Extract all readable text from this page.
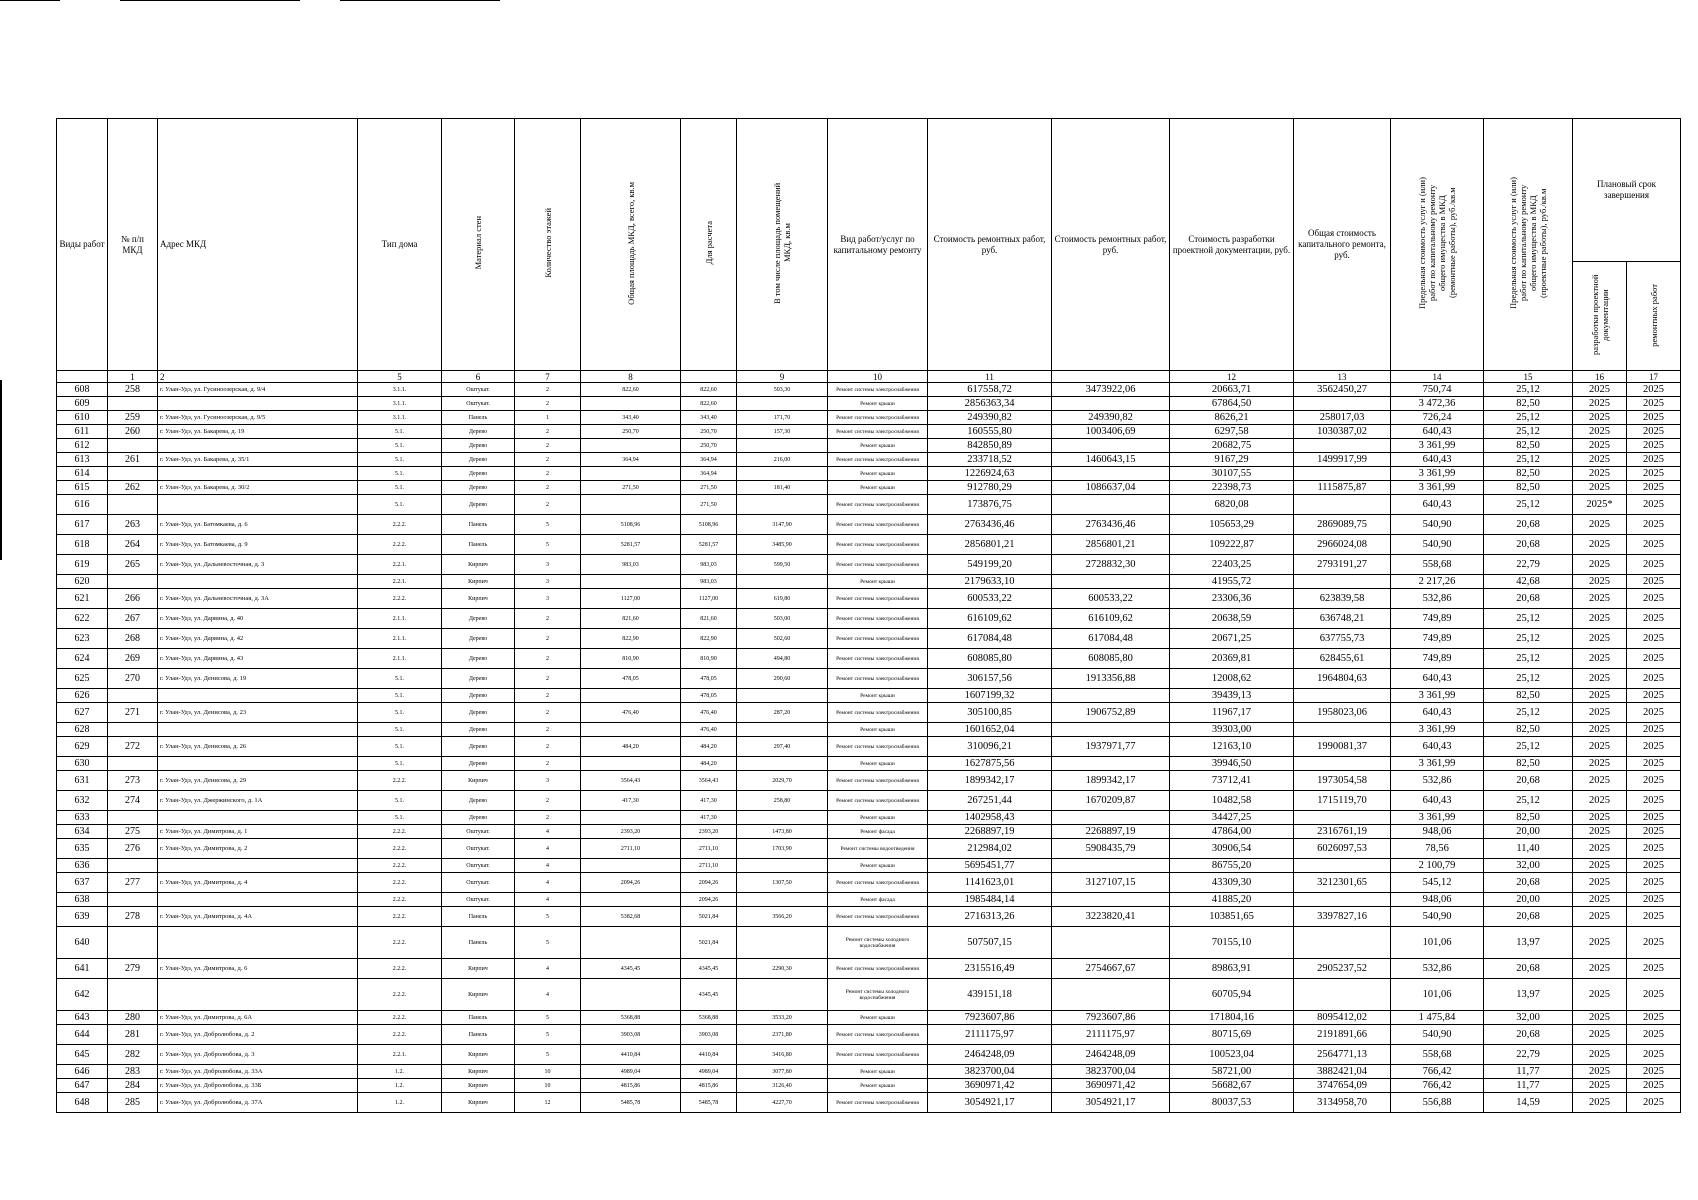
Виды работ	№ п/п МКД	Адрес МКД	Тип дома	Материал стен	Количество этажей	Общая площадь МКД, всего, кв.м	Для расчета	В том числе площадь помещений МКД, кв.м	Вид работ/услуг по капитальному ремонту	Стоимость ремонтных работ, руб.	Стоимость ремонтных работ, руб.	Стоимость разработки проектной документации, руб.	Общая стоимость капитального ремонта, руб.	Предельная стоимость услуг и (или) работ по капитальному ремонту общего имущества в МКД (ремонтные работы), руб./кв.м	Предельная стоимость услуг и (или) работ по капитальному ремонту общего имущества в МКД (проектные работы), руб./кв.м	Плановый срок завершения	
																разработки проектной документации	ремонтных работ
	1	2	5	6	7	8		9	10	11		12	13	14	15	16	17
608	258	г. Улан-Удэ, ул. Гусиноозерская, д. 9/4	3.1.1.	Оштукат.	2	822,60	822,60	503,30	Ремонт системы электроснабжения	617558,72	3473922,06	20663,71	3562450,27	750,74	25,12	2025	2025
609			3.1.1.	Оштукат.	2		822,60		Ремонт крыши	2856363,34		67864,50		3 472,36	82,50	2025	2025
610	259	г. Улан-Удэ, ул. Гусиноозерская, д. 9/5	3.1.1.	Панель	1	343,40	343,40	171,70	Ремонт системы электроснабжения	249390,82	249390,82	8626,21	258017,03	726,24	25,12	2025	2025
611	260	г. Улан-Удэ, ул. Бакарева, д. 19	5.1.	Дерево	2	250,70	250,70	157,30	Ремонт системы электроснабжения	160555,80	1003406,69	6297,58	1030387,02	640,43	25,12	2025	2025
612			5.1.	Дерево	2		250,70		Ремонт крыши	842850,89		20682,75		3 361,99	82,50	2025	2025
613	261	г. Улан-Удэ, ул. Бакарева, д. 35/1	5.1.	Дерево	2	364,94	364,94	216,00	Ремонт системы электроснабжения	233718,52	1460643,15	9167,29	1499917,99	640,43	25,12	2025	2025
614			5.1.	Дерево	2		364,94		Ремонт крыши	1226924,63		30107,55		3 361,99	82,50	2025	2025
615	262	г. Улан-Удэ, ул. Бакарева, д. 30/2	5.1.	Дерево	2	271,50	271,50	181,40	Ремонт крыши	912780,29	1086637,04	22398,73	1115875,87	3 361,99	82,50	2025	2025
616			5.1.	Дерево	2		271,50		Ремонт системы электроснабжения	173876,75		6820,08		640,43	25,12	2025*	2025
617	263	г. Улан-Удэ, ул. Батомкаева, д. 6	2.2.2.	Панель	5	5108,96	5108,96	3147,90	Ремонт системы электроснабжения	2763436,46	2763436,46	105653,29	2869089,75	540,90	20,68	2025	2025
618	264	г. Улан-Удэ, ул. Батомкаева, д. 9	2.2.2.	Панель	5	5281,57	5281,57	3485,90	Ремонт системы электроснабжения	2856801,21	2856801,21	109222,87	2966024,08	540,90	20,68	2025	2025
619	265	г. Улан-Удэ, ул. Дальневосточная, д. 3	2.2.1.	Кирпич	3	983,03	983,03	599,50	Ремонт системы электроснабжения	549199,20	2728832,30	22403,25	2793191,27	558,68	22,79	2025	2025
620			2.2.1.	Кирпич	3		983,03		Ремонт крыши	2179633,10		41955,72		2 217,26	42,68	2025	2025
621	266	г. Улан-Удэ, ул. Дальневосточная, д. 3А	2.2.2.	Кирпич	3	1127,00	1127,00	619,80	Ремонт системы электроснабжения	600533,22	600533,22	23306,36	623839,58	532,86	20,68	2025	2025
622	267	г. Улан-Удэ, ул. Дарвина, д. 40	2.1.1.	Дерево	2	821,60	821,60	503,00	Ремонт системы электроснабжения	616109,62	616109,62	20638,59	636748,21	749,89	25,12	2025	2025
623	268	г. Улан-Удэ, ул. Дарвина, д. 42	2.1.1.	Дерево	2	822,90	822,90	502,60	Ремонт системы электроснабжения	617084,48	617084,48	20671,25	637755,73	749,89	25,12	2025	2025
624	269	г. Улан-Удэ, ул. Дарвина, д. 43	2.1.1.	Дерево	2	810,90	810,90	494,80	Ремонт системы электроснабжения	608085,80	608085,80	20369,81	628455,61	749,89	25,12	2025	2025
625	270	г. Улан-Удэ, ул. Денисова, д. 19	5.1.	Дерево	2	478,05	478,05	290,60	Ремонт системы электроснабжения	306157,56	1913356,88	12008,62	1964804,63	640,43	25,12	2025	2025
626			5.1.	Дерево	2		478,05		Ремонт крыши	1607199,32		39439,13		3 361,99	82,50	2025	2025
627	271	г. Улан-Удэ, ул. Денисова, д. 23	5.1.	Дерево	2	476,40	476,40	287,20	Ремонт системы электроснабжения	305100,85	1906752,89	11967,17	1958023,06	640,43	25,12	2025	2025
628			5.1.	Дерево	2		476,40		Ремонт крыши	1601652,04		39303,00		3 361,99	82,50	2025	2025
629	272	г. Улан-Удэ, ул. Денисова, д. 26	5.1.	Дерево	2	484,20	484,20	297,40	Ремонт системы электроснабжения	310096,21	1937971,77	12163,10	1990081,37	640,43	25,12	2025	2025
630			5.1.	Дерево	2		484,20		Ремонт крыши	1627875,56		39946,50		3 361,99	82,50	2025	2025
631	273	г. Улан-Удэ, ул. Денисова, д. 29	2.2.2.	Кирпич	3	3564,43	3564,43	2029,70	Ремонт системы электроснабжения	1899342,17	1899342,17	73712,41	1973054,58	532,86	20,68	2025	2025
632	274	г. Улан-Удэ, ул. Джержинского, д. 1А	5.1.	Дерево	2	417,30	417,30	258,80	Ремонт системы электроснабжения	267251,44	1670209,87	10482,58	1715119,70	640,43	25,12	2025	2025
633			5.1.	Дерево	2		417,30		Ремонт крыши	1402958,43		34427,25		3 361,99	82,50	2025	2025
634	275	г. Улан-Удэ, ул. Димитрова, д. 1	2.2.2.	Оштукат.	4	2393,20	2393,20	1473,80	Ремонт фасада	2268897,19	2268897,19	47864,00	2316761,19	948,06	20,00	2025	2025
635	276	г. Улан-Удэ, ул. Димитрова, д. 2	2.2.2.	Оштукат.	4	2711,10	2711,10	1703,90	Ремонт системы водоотведения	212984,02	5908435,79	30906,54	6026097,53	78,56	11,40	2025	2025
636			2.2.2.	Оштукат.	4		2711,10		Ремонт крыши	5695451,77		86755,20		2 100,79	32,00	2025	2025
637	277	г. Улан-Удэ, ул. Димитрова, д. 4	2.2.2.	Оштукат.	4	2094,26	2094,26	1307,50	Ремонт системы электроснабжения	1141623,01	3127107,15	43309,30	3212301,65	545,12	20,68	2025	2025
638			2.2.2.	Оштукат.	4		2094,26		Ремонт фасада	1985484,14		41885,20		948,06	20,00	2025	2025
639	278	г. Улан-Удэ, ул. Димитрова, д. 4А	2.2.2.	Панель	5	5382,68	5021,84	3566,20	Ремонт системы электроснабжения	2716313,26	3223820,41	103851,65	3397827,16	540,90	20,68	2025	2025
640			2.2.2.	Панель	5		5021,84		Ремонт системы холодного водоснабжения	507507,15		70155,10		101,06	13,97	2025	2025
641	279	г. Улан-Удэ, ул. Димитрова, д. 6	2.2.2.	Кирпич	4	4345,45	4345,45	2290,30	Ремонт системы электроснабжения	2315516,49	2754667,67	89863,91	2905237,52	532,86	20,68	2025	2025
642			2.2.2.	Кирпич	4		4345,45		Ремонт системы холодного водоснабжения	439151,18		60705,94		101,06	13,97	2025	2025
643	280	г. Улан-Удэ, ул. Димитрова, д. 6А	2.2.2.	Панель	5	5368,88	5368,88	3533,20	Ремонт крыши	7923607,86	7923607,86	171804,16	8095412,02	1 475,84	32,00	2025	2025
644	281	г. Улан-Удэ, ул. Добролюбова, д. 2	2.2.2.	Панель	5	3903,08	3903,08	2371,80	Ремонт системы электроснабжения	2111175,97	2111175,97	80715,69	2191891,66	540,90	20,68	2025	2025
645	282	г. Улан-Удэ, ул. Добролюбова, д. 3	2.2.1.	Кирпич	5	4410,84	4410,84	3416,80	Ремонт системы электроснабжения	2464248,09	2464248,09	100523,04	2564771,13	558,68	22,79	2025	2025
646	283	г. Улан-Удэ, ул. Добролюбова, д. 33А	1.2.	Кирпич	10	4989,04	4989,04	3077,80	Ремонт крыши	3823700,04	3823700,04	58721,00	3882421,04	766,42	11,77	2025	2025
647	284	г. Улан-Удэ, ул. Добролюбова, д. 33Б	1.2.	Кирпич	10	4815,86	4815,86	3126,40	Ремонт крыши	3690971,42	3690971,42	56682,67	3747654,09	766,42	11,77	2025	2025
648	285	г. Улан-Удэ, ул. Добролюбова, д. 37А	1.2.	Кирпич	12	5485,78	5485,78	4227,70	Ремонт системы электроснабжения	3054921,17	3054921,17	80037,53	3134958,70	556,88	14,59	2025	2025
